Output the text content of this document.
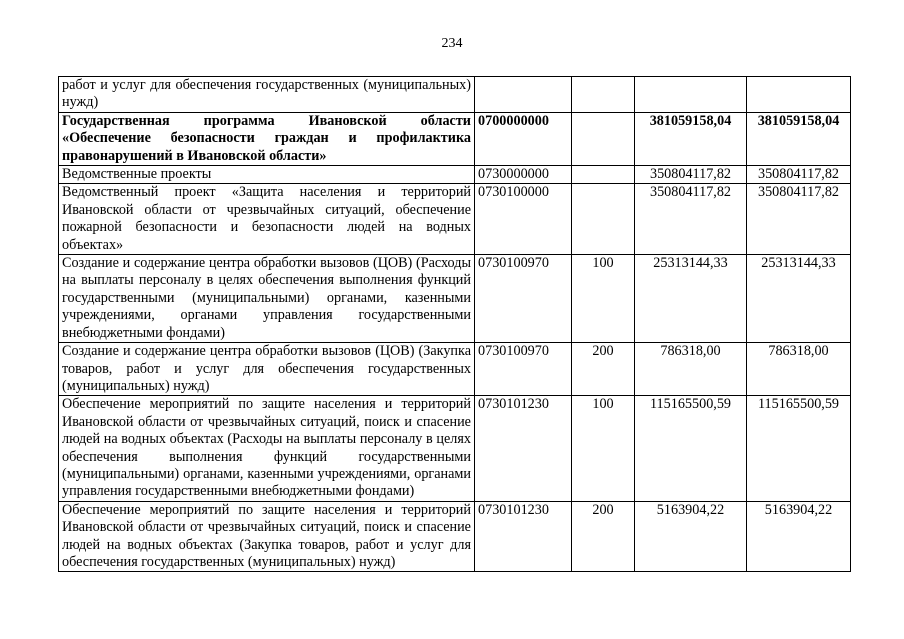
234
работ и услуг для обеспечения государственных (муниципальных) нужд)				
Государственная программа Ивановской области «Обеспечение безопасности граждан и профилактика правонарушений в Ивановской области»	0700000000		381059158,04	381059158,04
Ведомственные проекты	0730000000		350804117,82	350804117,82
Ведомственный проект «Защита населения и территорий Ивановской области от чрезвычайных ситуаций, обеспечение пожарной безопасности и безопасности людей на водных объектах»	0730100000		350804117,82	350804117,82
Создание и содержание центра обработки вызовов (ЦОВ) (Расходы на выплаты персоналу в целях обеспечения выполнения функций государственными (муниципальными) органами, казенными учреждениями, органами управления государственными внебюджетными фондами)	0730100970	100	25313144,33	25313144,33
Создание и содержание центра обработки вызовов (ЦОВ) (Закупка товаров, работ и услуг для обеспечения государственных (муниципальных) нужд)	0730100970	200	786318,00	786318,00
Обеспечение мероприятий по защите населения и территорий Ивановской области от чрезвычайных ситуаций, поиск и спасение людей на водных объектах (Расходы на выплаты персоналу в целях обеспечения выполнения функций государственными (муниципальными) органами, казенными учреждениями, органами управления государственными внебюджетными фондами)	0730101230	100	115165500,59	115165500,59
Обеспечение мероприятий по защите населения и территорий Ивановской области от чрезвычайных ситуаций, поиск и спасение людей на водных объектах (Закупка товаров, работ и услуг для обеспечения государственных (муниципальных) нужд)	0730101230	200	5163904,22	5163904,22
